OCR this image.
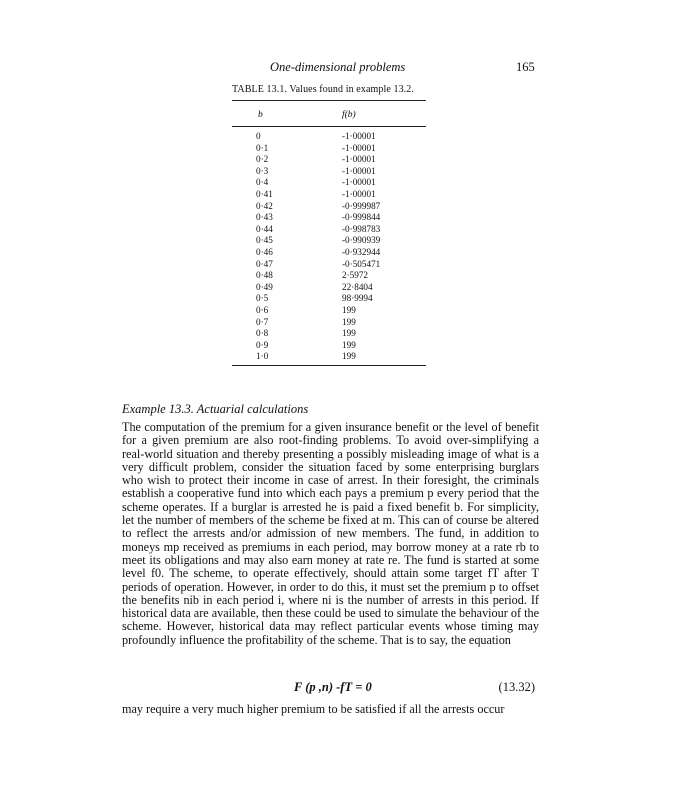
One-dimensional problems	165
TABLE 13.1. Values found in example 13.2.
b	f(b)
0	-1·00001
0·1	-1·00001
0·2	-1·00001
0·3	-1·00001
0·4	-1·00001
0·41	-1·00001
0·42	-0·999987
0·43	-0·999844
0·44	-0·998783
0·45	-0·990939
0·46	-0·932944
0·47	-0·505471
0·48	2·5972
0·49	22·8404
0·5	98·9994
0·6	199
0·7	199
0·8	199
0·9	199
1·0	199
Example 13.3. Actuarial calculations

The computation of the premium for a given insurance benefit or the level of benefit for a given premium are also root-finding problems. To avoid over-simplifying a real-world situation and thereby presenting a possibly misleading image of what is a very difficult problem, consider the situation faced by some enterprising burglars who wish to protect their income in case of arrest. In their foresight, the criminals establish a cooperative fund into which each pays a premium p every period that the scheme operates. If a burglar is arrested he is paid a fixed benefit b. For simplicity, let the number of members of the scheme be fixed at m. This can of course be altered to reflect the arrests and/or admission of new members. The fund, in addition to moneys mp received as premiums in each period, may borrow money at a rate rb to meet its obligations and may also earn money at rate re. The fund is started at some level f0. The scheme, to operate effectively, should attain some target fT after T periods of operation. However, in order to do this, it must set the premium p to offset the benefits nib in each period i, where ni is the number of arrests in this period. If historical data are available, then these could be used to simulate the behaviour of the scheme. However, historical data may reflect particular events whose timing may profoundly influence the profitability of the scheme. That is to say, the equation

F (p ,n) -fT = 0	(13.32)
may require a very much higher premium to be satisfied if all the arrests occur
